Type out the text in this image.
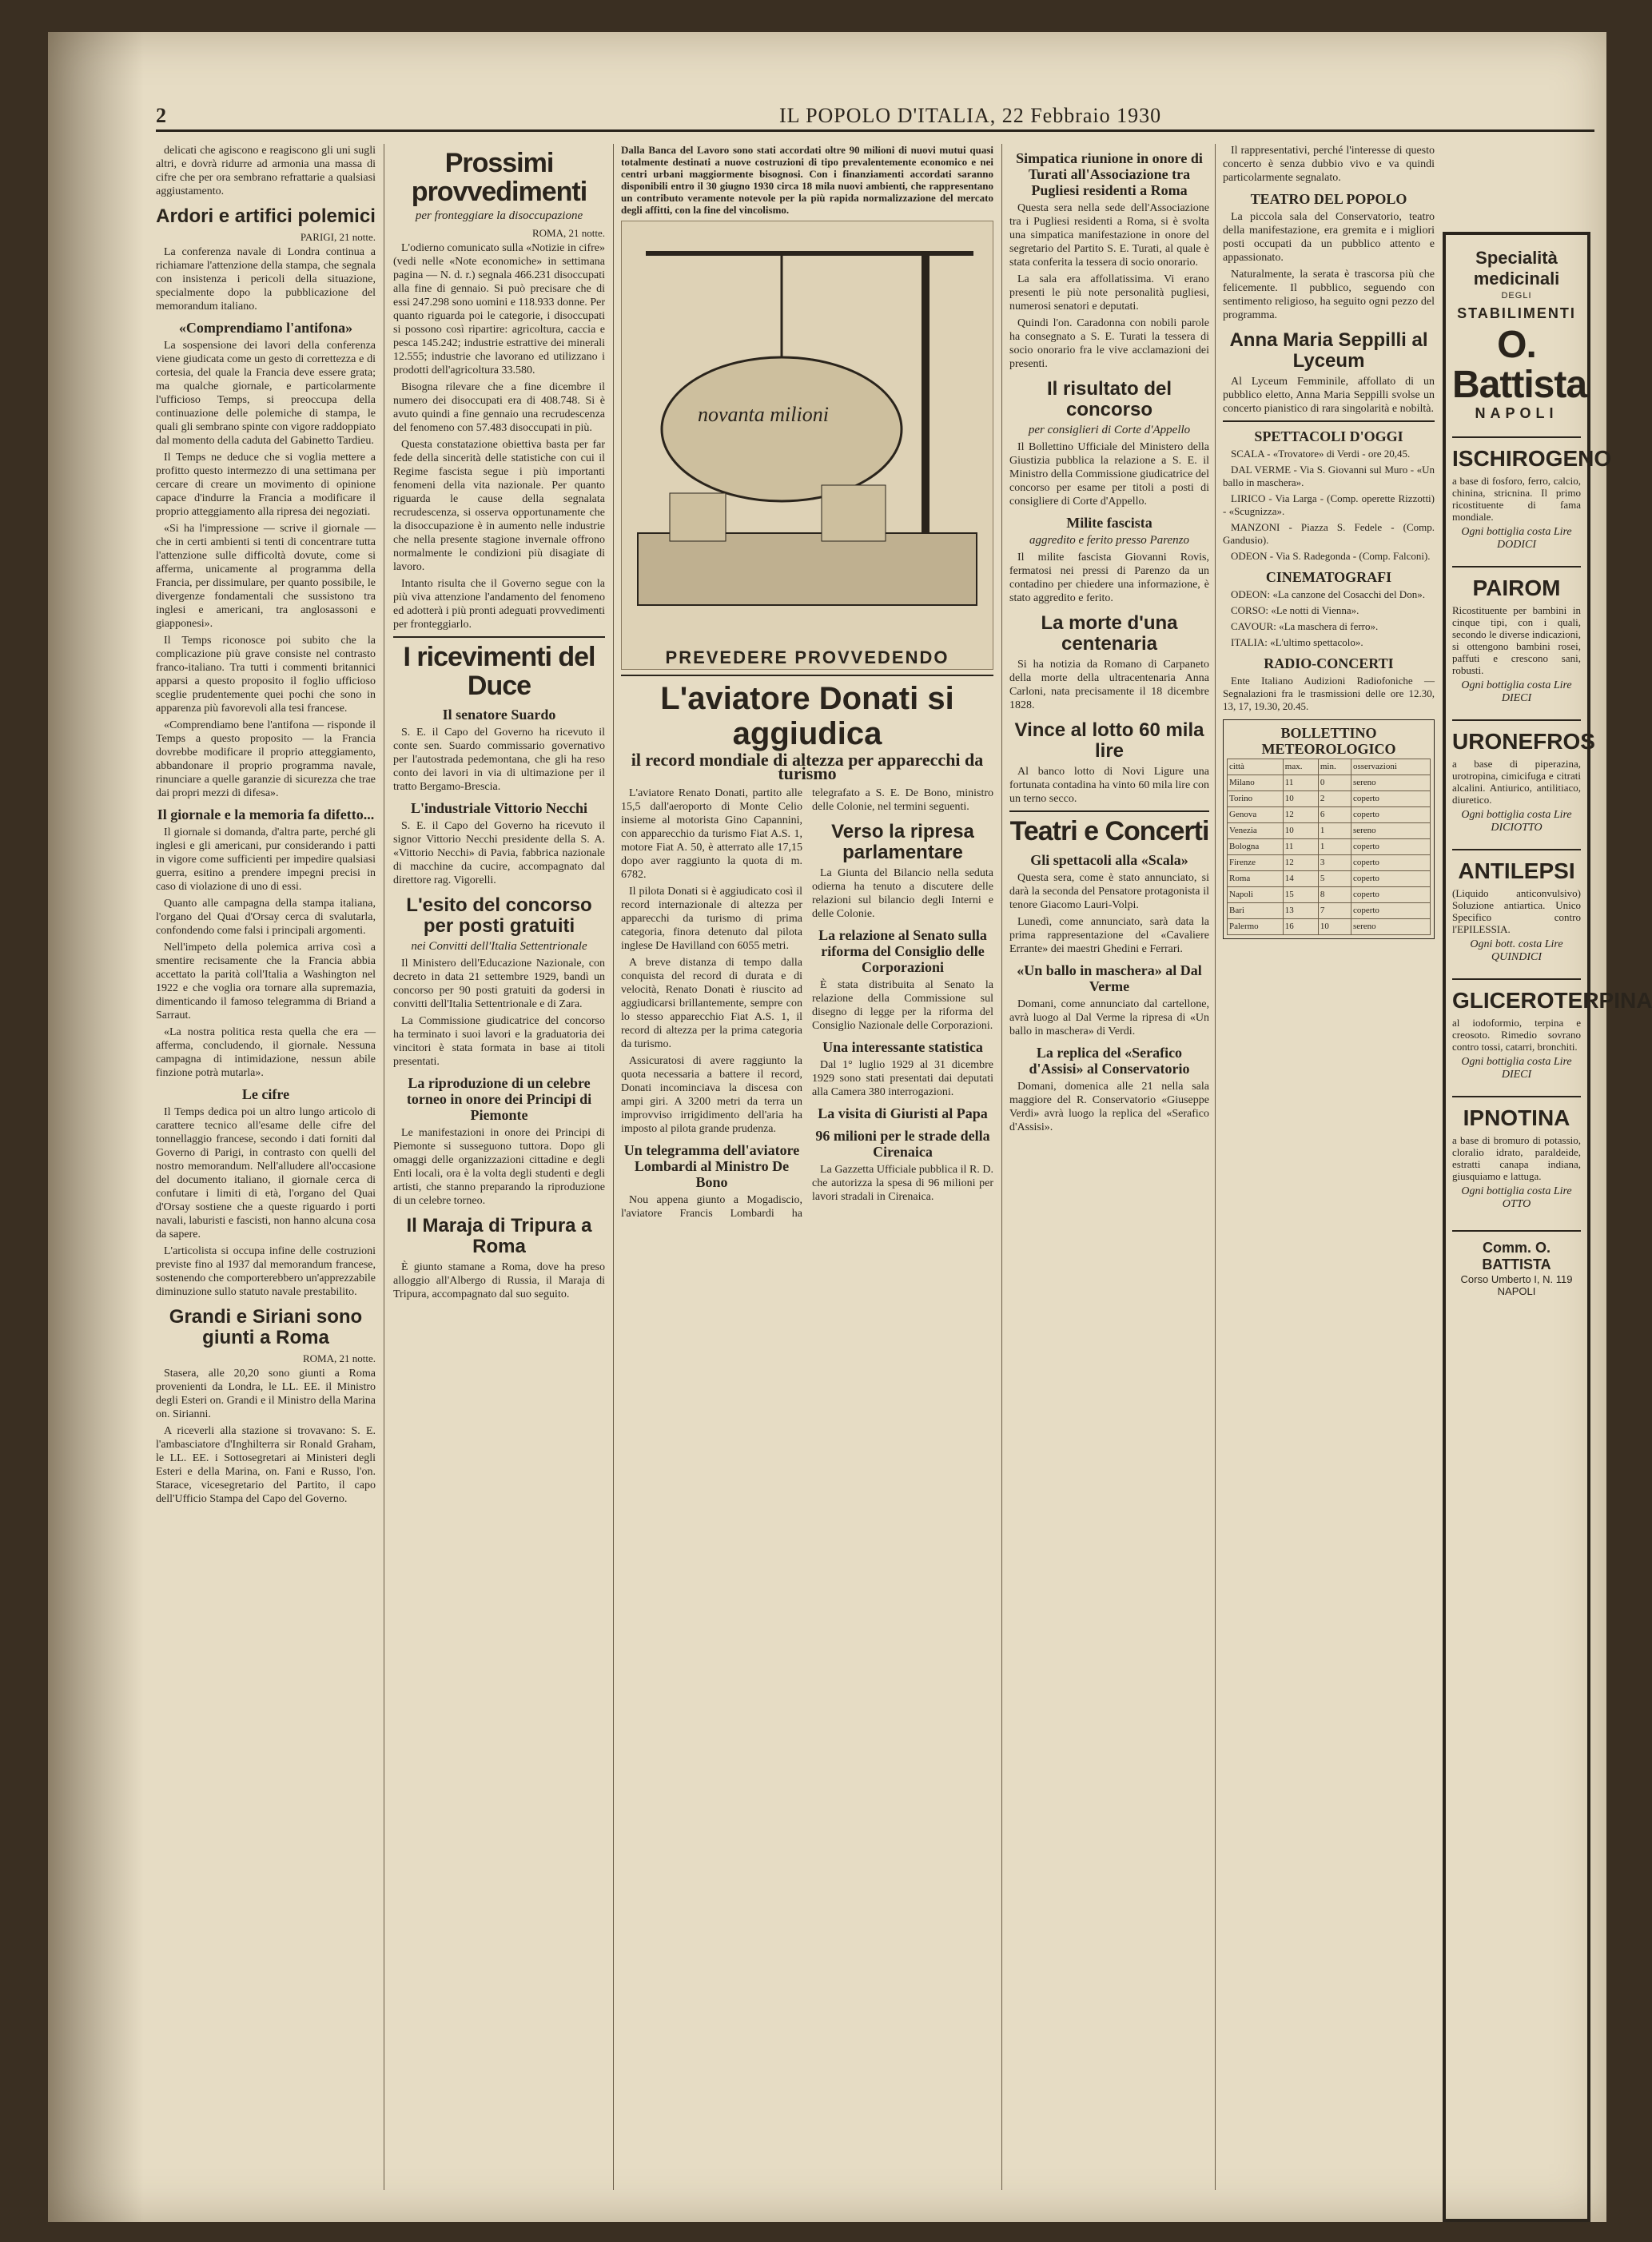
2	IL POPOLO D'ITALIA, 22 Febbraio 1930

delicati che agiscono e reagiscono gli uni sugli altri, e dovrà ridurre ad armonia una massa di cifre che per ora sembrano refrattarie a qualsiasi aggiustamento.

Ardori e artifici polemici
PARIGI, 21 notte.

La conferenza navale di Londra continua a richiamare l'attenzione della stampa, che segnala con insistenza i pericoli della situazione, specialmente dopo la pubblicazione del memorandum italiano.

«Comprendiamo l'antifona»

La sospensione dei lavori della conferenza viene giudicata come un gesto di correttezza e di cortesia, del quale la Francia deve essere grata; ma qualche giornale, e particolarmente l'ufficioso Temps, si preoccupa della continuazione delle polemiche di stampa, le quali gli sembrano spinte con vigore raddoppiato dal momento della caduta del Gabinetto Tardieu.

Il Temps ne deduce che si voglia mettere a profitto questo intermezzo di una settimana per cercare di creare un movimento di opinione capace d'indurre la Francia a modificare il proprio atteggiamento alla ripresa dei negoziati.

«Si ha l'impressione — scrive il giornale — che in certi ambienti si tenti di concentrare tutta l'attenzione sulle difficoltà dovute, come si afferma, unicamente al programma della Francia, per dissimulare, per quanto possibile, le divergenze fondamentali che sussistono tra inglesi e americani, tra anglosassoni e giapponesi».

Il Temps riconosce poi subito che la complicazione più grave consiste nel contrasto franco-italiano. Tra tutti i commenti britannici apparsi a questo proposito il foglio ufficioso sceglie prudentemente quei pochi che sono in apparenza più favorevoli alla tesi francese.

«Comprendiamo bene l'antifona — risponde il Temps a questo proposito — la Francia dovrebbe modificare il proprio atteggiamento, abbandonare il proprio programma navale, rinunciare a quelle garanzie di sicurezza che trae dai propri mezzi di difesa».

Il giornale e la memoria fa difetto...

Il giornale si domanda, d'altra parte, perché gli inglesi e gli americani, pur considerando i patti in vigore come sufficienti per impedire qualsiasi guerra, esitino a prendere impegni precisi in caso di violazione di uno di essi.

Quanto alle campagna della stampa italiana, l'organo del Quai d'Orsay cerca di svalutarla, confondendo come falsi i principali argomenti.

Nell'impeto della polemica arriva così a smentire recisamente che la Francia abbia accettato la parità coll'Italia a Washington nel 1922 e che voglia ora tornare alla supremazia, dimenticando il famoso telegramma di Briand a Sarraut.

«La nostra politica resta quella che era — afferma, concludendo, il giornale. Nessuna campagna di intimidazione, nessun abile finzione potrà mutarla».

Le cifre

Il Temps dedica poi un altro lungo articolo di carattere tecnico all'esame delle cifre del tonnellaggio francese, secondo i dati forniti dal Governo di Parigi, in contrasto con quelli del nostro memorandum. Nell'alludere all'occasione del documento italiano, il giornale cerca di confutare i limiti di età, l'organo del Quai d'Orsay sostiene che a queste riguardo i porti navali, laburisti e fascisti, non hanno alcuna cosa da sapere.

L'articolista si occupa infine delle costruzioni previste fino al 1937 dal memorandum francese, sostenendo che comporterebbero un'apprezzabile diminuzione sullo statuto navale prestabilito.

Grandi e Siriani sono giunti a Roma
ROMA, 21 notte.

Stasera, alle 20,20 sono giunti a Roma provenienti da Londra, le LL. EE. il Ministro degli Esteri on. Grandi e il Ministro della Marina on. Sirianni.

A riceverli alla stazione si trovavano: S. E. l'ambasciatore d'Inghilterra sir Ronald Graham, le LL. EE. i Sottosegretari ai Ministeri degli Esteri e della Marina, on. Fani e Russo, l'on. Starace, vicesegretario del Partito, il capo dell'Ufficio Stampa del Capo del Governo.

Prossimi provvedimenti
per fronteggiare la disoccupazione
ROMA, 21 notte.

L'odierno comunicato sulla «Notizie in cifre» (vedi nelle «Note economiche» in settimana pagina — N. d. r.) segnala 466.231 disoccupati alla fine di gennaio. Si può precisare che di essi 247.298 sono uomini e 118.933 donne. Per quanto riguarda poi le categorie, i disoccupati si possono così ripartire: agricoltura, caccia e pesca 145.242; industrie estrattive dei minerali 12.555; industrie che lavorano ed utilizzano i prodotti dell'agricoltura 33.580.

Bisogna rilevare che a fine dicembre il numero dei disoccupati era di 408.748. Si è avuto quindi a fine gennaio una recrudescenza del fenomeno con 57.483 disoccupati in più.

Questa constatazione obiettiva basta per far fede della sincerità delle statistiche con cui il Regime fascista segue i più importanti fenomeni della vita nazionale. Per quanto riguarda le cause della segnalata recrudescenza, si osserva opportunamente che la disoccupazione è in aumento nelle industrie che nella presente stagione invernale offrono normalmente le condizioni più disagiate di lavoro.

Intanto risulta che il Governo segue con la più viva attenzione l'andamento del fenomeno ed adotterà i più pronti adeguati provvedimenti per fronteggiarlo.

I ricevimenti del Duce
Il senatore Suardo

S. E. il Capo del Governo ha ricevuto il conte sen. Suardo commissario governativo per l'autostrada pedemontana, che gli ha reso conto dei lavori in via di ultimazione per il tratto Bergamo-Brescia.

L'industriale Vittorio Necchi

S. E. il Capo del Governo ha ricevuto il signor Vittorio Necchi presidente della S. A. «Vittorio Necchi» di Pavia, fabbrica nazionale di macchine da cucire, accompagnato dal direttore rag. Vigorelli.

L'esito del concorso per posti gratuiti
nei Convitti dell'Italia Settentrionale

Il Ministero dell'Educazione Nazionale, con decreto in data 21 settembre 1929, bandì un concorso per 90 posti gratuiti da godersi in convitti dell'Italia Settentrionale e di Zara.

La Commissione giudicatrice del concorso ha terminato i suoi lavori e la graduatoria dei vincitori è stata formata in base ai titoli presentati.

La riproduzione di un celebre torneo in onore dei Principi di Piemonte

Le manifestazioni in onore dei Principi di Piemonte si susseguono tuttora. Dopo gli omaggi delle organizzazioni cittadine e degli Enti locali, ora è la volta degli studenti e degli artisti, che stanno preparando la riproduzione di un celebre torneo.

Il Maraja di Tripura a Roma

È giunto stamane a Roma, dove ha preso alloggio all'Albergo di Russia, il Maraja di Tripura, accompagnato dal suo seguito.

Dalla Banca del Lavoro sono stati accordati oltre 90 milioni di nuovi mutui quasi totalmente destinati a nuove costruzioni di tipo prevalentemente economico e nei centri urbani maggiormente bisognosi. Con i finanziamenti accordati saranno disponibili entro il 30 giugno 1930 circa 18 mila nuovi ambienti, che rappresentano un contributo veramente notevole per la più rapida normalizzazione del mercato degli affitti, con la fine del vincolismo.
novanta milioni
PREVEDERE PROVVEDENDO
L'aviatore Donati si aggiudica
il record mondiale di altezza per apparecchi da turismo

L'aviatore Renato Donati, partito alle 15,5 dall'aeroporto di Monte Celio insieme al motorista Gino Capannini, con apparecchio da turismo Fiat A.S. 1, motore Fiat A. 50, è atterrato alle 17,15 dopo aver raggiunto la quota di m. 6782.

Il pilota Donati si è aggiudicato così il record internazionale di altezza per apparecchi da turismo di prima categoria, finora detenuto dal pilota inglese De Havilland con 6055 metri.

A breve distanza di tempo dalla conquista del record di durata e di velocità, Renato Donati è riuscito ad aggiudicarsi brillantemente, sempre con lo stesso apparecchio Fiat A.S. 1, il record di altezza per la prima categoria da turismo.

Assicuratosi di avere raggiunto la quota necessaria a battere il record, Donati incominciava la discesa con ampi giri. A 3200 metri da terra un improvviso irrigidimento dell'aria ha imposto al pilota grande prudenza.

Un telegramma dell'aviatore Lombardi al Ministro De Bono

Nou appena giunto a Mogadiscio, l'aviatore Francis Lombardi ha telegrafato a S. E. De Bono, ministro delle Colonie, nel termini seguenti.

Verso la ripresa parlamentare

La Giunta del Bilancio nella seduta odierna ha tenuto a discutere delle relazioni sul bilancio degli Interni e delle Colonie.

La relazione al Senato sulla riforma del Consiglio delle Corporazioni

È stata distribuita al Senato la relazione della Commissione sul disegno di legge per la riforma del Consiglio Nazionale delle Corporazioni.

Una interessante statistica

Dal 1° luglio 1929 al 31 dicembre 1929 sono stati presentati dai deputati alla Camera 380 interrogazioni.

La visita di Giuristi al Papa
96 milioni per le strade della Cirenaica

La Gazzetta Ufficiale pubblica il R. D. che autorizza la spesa di 96 milioni per lavori stradali in Cirenaica.

Simpatica riunione in onore di Turati all'Associazione tra Pugliesi residenti a Roma

Questa sera nella sede dell'Associazione tra i Pugliesi residenti a Roma, si è svolta una simpatica manifestazione in onore del segretario del Partito S. E. Turati, al quale è stata conferita la tessera di socio onorario.

La sala era affollatissima. Vi erano presenti le più note personalità pugliesi, numerosi senatori e deputati.

Quindi l'on. Caradonna con nobili parole ha consegnato a S. E. Turati la tessera di socio onorario fra le vive acclamazioni dei presenti.

Il risultato del concorso
per consiglieri di Corte d'Appello

Il Bollettino Ufficiale del Ministero della Giustizia pubblica la relazione a S. E. il Ministro della Commissione giudicatrice del concorso per esame per titoli a posti di consigliere di Corte d'Appello.

Milite fascista
aggredito e ferito presso Parenzo

Il milite fascista Giovanni Rovis, fermatosi nei pressi di Parenzo da un contadino per chiedere una informazione, è stato aggredito e ferito.

La morte d'una centenaria

Si ha notizia da Romano di Carpaneto della morte della ultracentenaria Anna Carloni, nata precisamente il 18 dicembre 1828.

Vince al lotto 60 mila lire

Al banco lotto di Novi Ligure una fortunata contadina ha vinto 60 mila lire con un terno secco.

Teatri e Concerti
Gli spettacoli alla «Scala»

Questa sera, come è stato annunciato, si darà la seconda del Pensatore protagonista il tenore Giacomo Lauri-Volpi.

Lunedì, come annunciato, sarà data la prima rappresentazione del «Cavaliere Errante» dei maestri Ghedini e Ferrari.

«Un ballo in maschera» al Dal Verme

Domani, come annunciato dal cartellone, avrà luogo al Dal Verme la ripresa di «Un ballo in maschera» di Verdi.

La replica del «Serafico d'Assisi» al Conservatorio

Domani, domenica alle 21 nella sala maggiore del R. Conservatorio «Giuseppe Verdi» avrà luogo la replica del «Serafico d'Assisi».

Il rappresentativi, perché l'interesse di questo concerto è senza dubbio vivo e va quindi particolarmente segnalato.

TEATRO DEL POPOLO

La piccola sala del Conservatorio, teatro della manifestazione, era gremita e i migliori posti occupati da un pubblico attento e appassionato.

Naturalmente, la serata è trascorsa più che felicemente. Il pubblico, seguendo con sentimento religioso, ha seguito ogni pezzo del programma.

Anna Maria Seppilli al Lyceum

Al Lyceum Femminile, affollato di un pubblico eletto, Anna Maria Seppilli svolse un concerto pianistico di rara singolarità e nobiltà.

SPETTACOLI D'OGGI

SCALA - «Trovatore» di Verdi - ore 20,45.

DAL VERME - Via S. Giovanni sul Muro - «Un ballo in maschera».

LIRICO - Via Larga - (Comp. operette Rizzotti) - «Scugnizza».

MANZONI - Piazza S. Fedele - (Comp. Gandusio).

ODEON - Via S. Radegonda - (Comp. Falconi).

CINEMATOGRAFI

ODEON: «La canzone del Cosacchi del Don».

CORSO: «Le notti di Vienna».

CAVOUR: «La maschera di ferro».

ITALIA: «L'ultimo spettacolo».

RADIO-CONCERTI

Ente Italiano Audizioni Radiofoniche — Segnalazioni fra le trasmissioni delle ore 12.30, 13, 17, 19.30, 20.45.

BOLLETTINO METEOROLOGICO
città	max.	min.	osservazioni
Milano	11	0	sereno
Torino	10	2	coperto
Genova	12	6	coperto
Venezia	10	1	sereno
Bologna	11	1	coperto
Firenze	12	3	coperto
Roma	14	5	coperto
Napoli	15	8	coperto
Bari	13	7	coperto
Palermo	16	10	sereno
Specialità medicinali
DEGLI
STABILIMENTI
O. Battista
NAPOLI
ISCHIROGENO
a base di fosforo, ferro, calcio, chinina, stricnina. Il primo ricostituente di fama mondiale.
Ogni bottiglia costa Lire DODICI
PAIROM
Ricostituente per bambini in cinque tipi, con i quali, secondo le diverse indicazioni, si ottengono bambini rosei, paffuti e crescono sani, robusti.
Ogni bottiglia costa Lire DIECI
URONEFROS
a base di piperazina, urotropina, cimicifuga e citrati alcalini. Antiurico, antilitiaco, diuretico.
Ogni bottiglia costa Lire DICIOTTO
ANTILEPSI
(Liquido anticonvulsivo) Soluzione antiartica. Unico Specifico contro l'EPILESSIA.
Ogni bott. costa Lire QUINDICI
GLICEROTERPINA
al iodoformio, terpina e creosoto. Rimedio sovrano contro tossi, catarri, bronchiti.
Ogni bottiglia costa Lire DIECI
IPNOTINA
a base di bromuro di potassio, cloralio idrato, paraldeide, estratti canapa indiana, giusquiamo e lattuga.
Ogni bottiglia costa Lire OTTO
Comm. O. BATTISTA
Corso Umberto I, N. 119 NAPOLI
